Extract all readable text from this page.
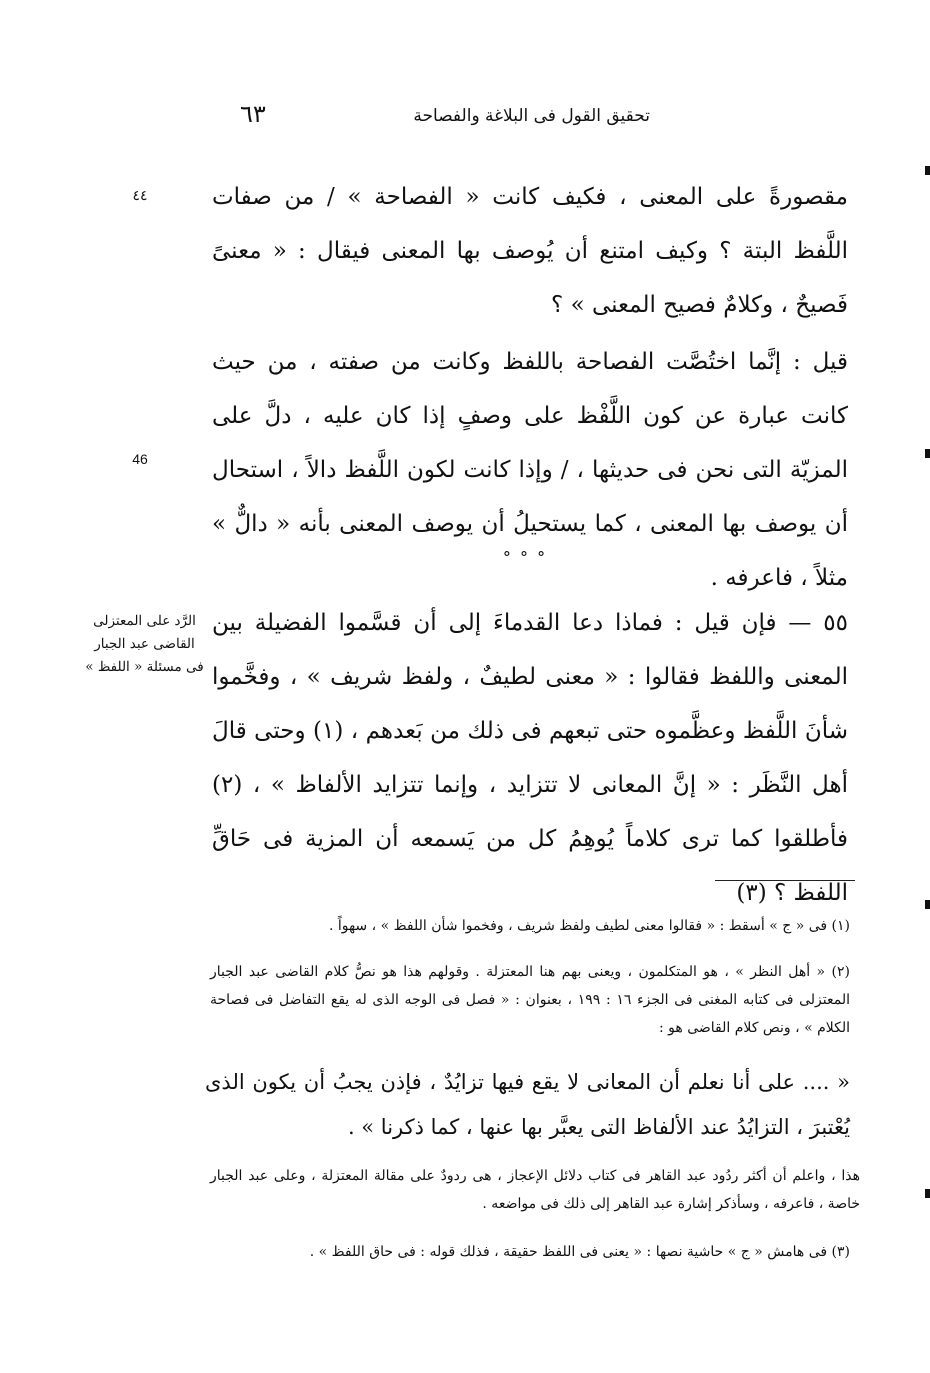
تحقيق القول فى البلاغة والفصاحة
٦٣
٤٤
46
الرَّد على المعتزلى
القاضى عبد الجبار
فى مسئلة « اللفظ »
مقصورةً على المعنى ، فكيف كانت « الفصاحة » / من صفات اللَّفظ البتة ؟ وكيف امتنع أن يُوصف بها المعنى فيقال : « معنىً فَصيحٌ ، وكلامٌ فصيح المعنى » ؟
قيل : إنَّما اختُصَّت الفصاحة باللفظ وكانت من صفته ، من حيث كانت عبارة عن كون اللَّفْظ على وصفٍ إذا كان عليه ، دلَّ على المزيّة التى نحن فى حديثها ، / وإذا كانت لكون اللَّفظ دالاً ، استحال أن يوصف بها المعنى ، كما يستحيلُ أن يوصف المعنى بأنه « دالٌّ » مثلاً ، فاعرفه .
° ° °
٥٥ — فإن قيل : فماذا دعا القدماءَ إلى أن قسَّموا الفضيلة بين المعنى واللفظ فقالوا : « معنى لطيفٌ ، ولفظ شريف » ، وفخَّموا شأنَ اللَّفظ وعظَّموه حتى تبعهم فى ذلك من بَعدهم ، (١) وحتى قالَ أهل النَّظَر : « إنَّ المعانى لا تتزايد ، وإنما تتزايد الألفاظ » ، (٢) فأطلقوا كما ترى كلاماً يُوهِمُ كل من يَسمعه أن المزية فى حَاقِّ اللفظ ؟ (٣)
(١) فى « ج » أسقط : « فقالوا معنى لطيف ولفظ شريف ، وفخموا شأن اللفظ » ، سهواً .
(٢) « أهل النظر » ، هو المتكلمون ، ويعنى بهم هنا المعتزلة . وقولهم هذا هو نصُّ كلام القاضى عبد الجبار المعتزلى فى كتابه المغنى فى الجزء ١٦ : ١٩٩ ، بعنوان : « فصل فى الوجه الذى له يقع التفاضل فى فصاحة الكلام » ، ونص كلام القاضى هو :
« .... على أنا نعلم أن المعانى لا يقع فيها تزايُدٌ ، فإذن يجبُ أن يكون الذى يُعْتبرَ ، التزايُدُ عند الألفاظ التى يعبَّر بها عنها ، كما ذكرنا » .
هذا ، واعلم أن أكثر ردُود عبد القاهر فى كتاب دلائل الإعجاز ، هى ردودٌ على مقالة المعتزلة ، وعلى عبد الجبار خاصة ، فاعرفه ، وسأذكر إشارة عبد القاهر إلى ذلك فى مواضعه .
(٣) فى هامش « ج » حاشية نصها : « يعنى فى اللفظ حقيقة ، فذلك قوله : فى حاق اللفظ » .
